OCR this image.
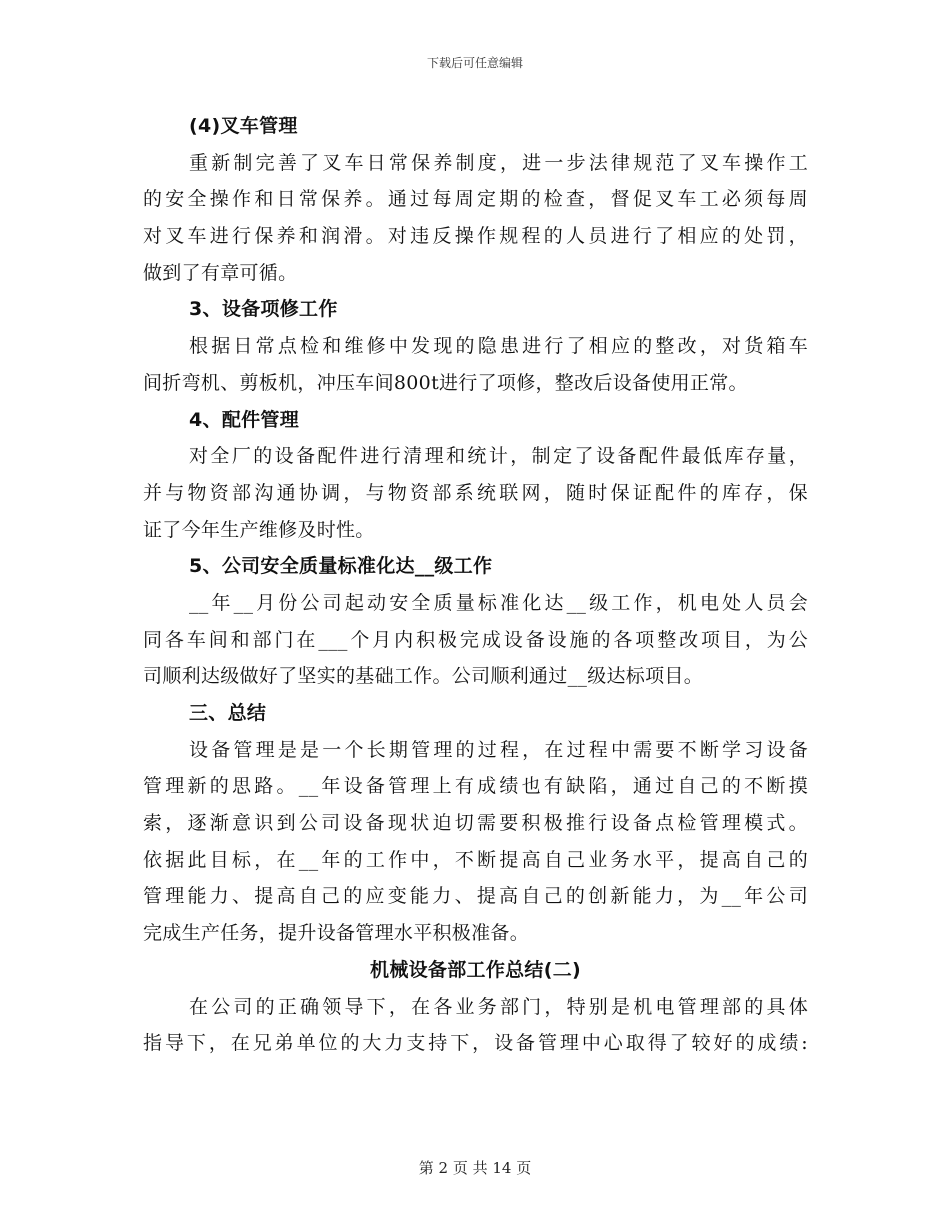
下载后可任意编辑
(4)叉车管理
重新制完善了叉车日常保养制度，进一步法律规范了叉车操作工
的安全操作和日常保养。通过每周定期的检查，督促叉车工必须每周
对叉车进行保养和润滑。对违反操作规程的人员进行了相应的处罚，
做到了有章可循。
3、设备项修工作
根据日常点检和维修中发现的隐患进行了相应的整改，对货箱车
间折弯机、剪板机，冲压车间800t进行了项修，整改后设备使用正常。
4、配件管理
对全厂的设备配件进行清理和统计，制定了设备配件最低库存量，
并与物资部沟通协调，与物资部系统联网，随时保证配件的库存，保
证了今年生产维修及时性。
5、公司安全质量标准化达__级工作
__年__月份公司起动安全质量标准化达__级工作，机电处人员会
同各车间和部门在___个月内积极完成设备设施的各项整改项目，为公
司顺利达级做好了坚实的基础工作。公司顺利通过__级达标项目。
三、总结
设备管理是是一个长期管理的过程，在过程中需要不断学习设备
管理新的思路。__年设备管理上有成绩也有缺陷，通过自己的不断摸
索，逐渐意识到公司设备现状迫切需要积极推行设备点检管理模式。
依据此目标，在__年的工作中，不断提高自己业务水平，提高自己的
管理能力、提高自己的应变能力、提高自己的创新能力，为__年公司
完成生产任务，提升设备管理水平积极准备。
机械设备部工作总结(二)
在公司的正确领导下，在各业务部门，特别是机电管理部的具体
指导下，在兄弟单位的大力支持下，设备管理中心取得了较好的成绩:
第 2 页 共 14 页
